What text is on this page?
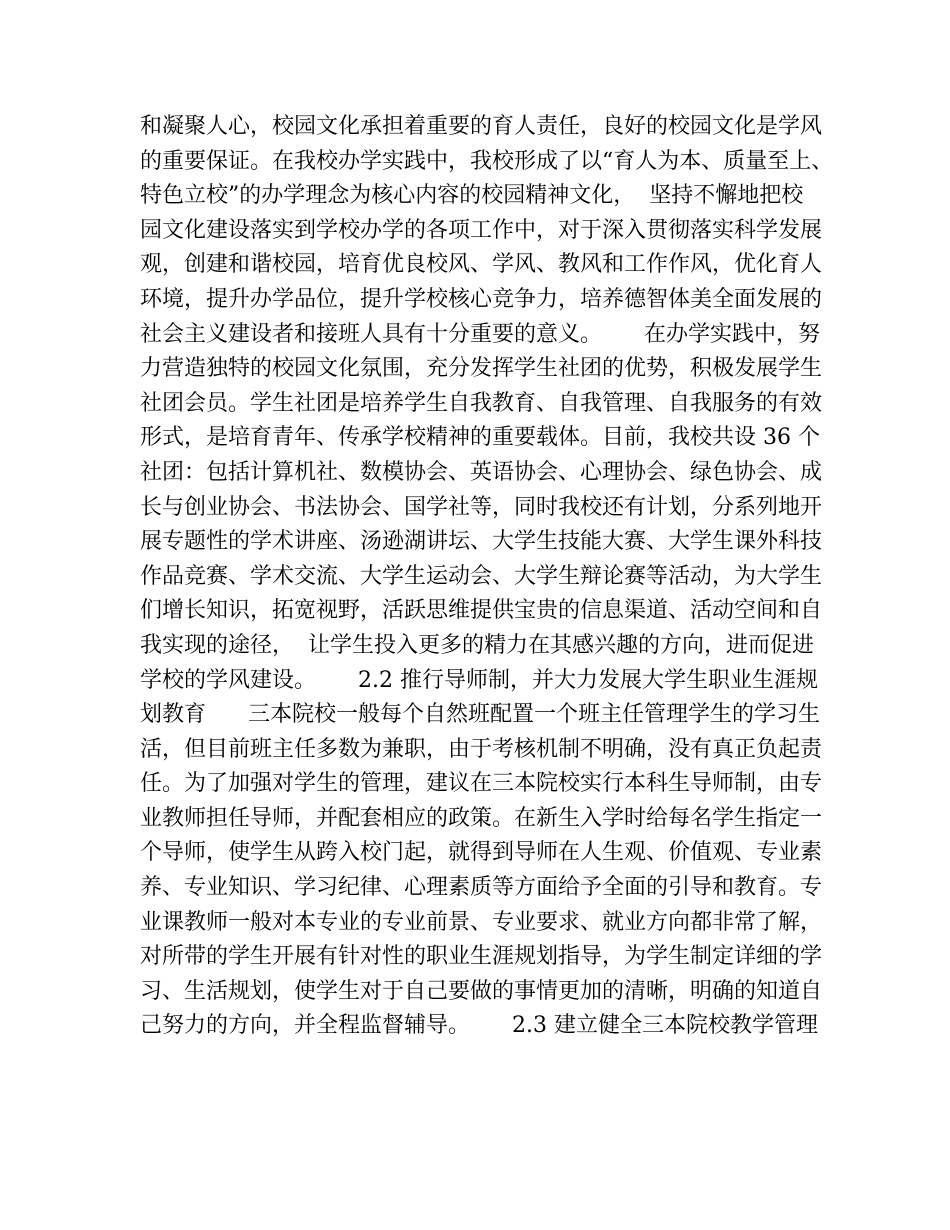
和凝聚人心，校园文化承担着重要的育人责任，良好的校园文化是学风
的重要保证。在我校办学实践中，我校形成了以“育人为本、质量至上、
特色立校”的办学理念为核心内容的校园精神文化，  坚持不懈地把校
园文化建设落实到学校办学的各项工作中，对于深入贯彻落实科学发展
观，创建和谐校园，培育优良校风、学风、教风和工作作风，优化育人
环境，提升办学品位，提升学校核心竞争力，培养德智体美全面发展的
社会主义建设者和接班人具有十分重要的意义。      在办学实践中，努
力营造独特的校园文化氛围，充分发挥学生社团的优势，积极发展学生
社团会员。学生社团是培养学生自我教育、自我管理、自我服务的有效
形式，是培育青年、传承学校精神的重要载体。目前，我校共设 36 个
社团：包括计算机社、数模协会、英语协会、心理协会、绿色协会、成
长与创业协会、书法协会、国学社等，同时我校还有计划，分系列地开
展专题性的学术讲座、汤逊湖讲坛、大学生技能大赛、大学生课外科技
作品竞赛、学术交流、大学生运动会、大学生辩论赛等活动，为大学生
们增长知识，拓宽视野，活跃思维提供宝贵的信息渠道、活动空间和自
我实现的途径，  让学生投入更多的精力在其感兴趣的方向，进而促进
学校的学风建设。      2.2 推行导师制，并大力发展大学生职业生涯规
划教育      三本院校一般每个自然班配置一个班主任管理学生的学习生
活，但目前班主任多数为兼职，由于考核机制不明确，没有真正负起责
任。为了加强对学生的管理，建议在三本院校实行本科生导师制，由专
业教师担任导师，并配套相应的政策。在新生入学时给每名学生指定一
个导师，使学生从跨入校门起，就得到导师在人生观、价值观、专业素
养、专业知识、学习纪律、心理素质等方面给予全面的引导和教育。专
业课教师一般对本专业的专业前景、专业要求、就业方向都非常了解，
对所带的学生开展有针对性的职业生涯规划指导，为学生制定详细的学
习、生活规划，使学生对于自己要做的事情更加的清晰，明确的知道自
己努力的方向，并全程监督辅导。      2.3 建立健全三本院校教学管理
